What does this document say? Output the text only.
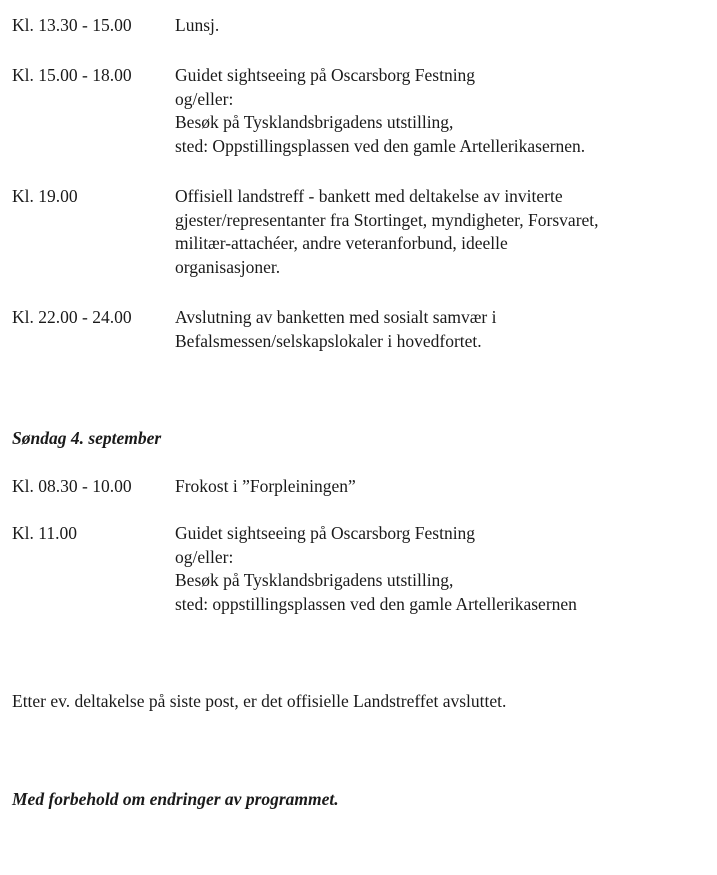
Kl. 13.30 - 15.00 Lunsj.
Kl. 15.00 - 18.00 Guidet sightseeing på Oscarsborg Festning
og/eller:
Besøk på Tysklandsbrigadens utstilling,
sted: Oppstillingsplassen ved den gamle Artellerikasernen.
Kl. 19.00	Offisiell landstreff - bankett med deltakelse av inviterte
gjester/representanter fra Stortinget, myndigheter, Forsvaret,
militær-attachéer, andre veteranforbund, ideelle
organisasjoner.
Kl. 22.00 - 24.00 Avslutning av banketten med sosialt samvær i
Befalsmessen/selskapslokaler i hovedfortet.
Søndag 4. september
Kl. 08.30 - 10.00 Frokost i ”Forpleiningen”
Kl. 11.00	Guidet sightseeing på Oscarsborg Festning
og/eller:
Besøk på Tysklandsbrigadens utstilling,
sted: oppstillingsplassen ved den gamle Artellerikasernen
Etter ev. deltakelse på siste post, er det offisielle Landstreffet avsluttet.
Med forbehold om endringer av programmet.
